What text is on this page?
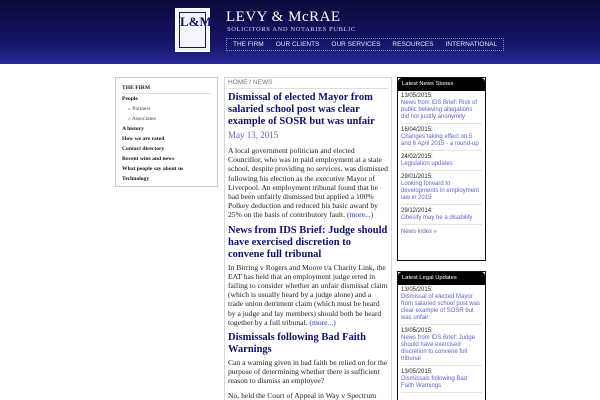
L&M LEVY & McRAE
SOLICITORS AND NOTARIES PUBLIC
THE FIRM	OUR CLIENTS	OUR SERVICES	RESOURCES	INTERNATIONAL
THE FIRM
People
» Partners
» Associates
A history
How we are rated
Contact directory
Recent wins and news
What people say about us
Technology
HOME / NEWS
Dismissal of elected Mayor from salaried school post was clear example of SOSR but was unfair
May 13, 2015
A local government politician and elected Councillor, who was in paid employment at a state school, despite providing no services, was dismissed following his election as the executive Mayor of Liverpool. An employment tribunal found that he had been unfairly dismissed but applied a 100% Polkey deduction and reduced his basic award by 25% on the basis of contributory fault. (more...)
News from IDS Brief: Judge should have exercised discretion to convene full tribunal
In Birring v Rogers and Moore t/a Charity Link, the EAT has held that an employment judge erred in failing to consider whether an unfair dismissal claim (which is usually heard by a judge alone) and a trade union detriment claim (which must be heard by a judge and lay members) should both be heard together by a full tribunal. (more...)
Dismissals following Bad Faith Warnings
Can a warning given in bad faith be relied on for the purpose of determining whether there is sufficient reason to dismiss an employee?
No, held the Court of Appeal in Way v Spectrum
Latest News Stories
13/05/2015:
News from IDS Brief: Risk of public believing allegations did not justify anonymity
16/04/2015:
Changes taking effect on 5 and 6 April 2015 - a round-up
24/02/2015:
Legislation updates
29/01/2015:
Looking forward to developments in employment law in 2015
29/12/2014:
Obesity may be a disability
News index »
Latest Legal Updates
13/05/2015:
Dismissal of elected Mayor from salaried school post was clear example of SOSR but was unfair
13/05/2015:
News from IDS Brief: Judge should have exercised discretion to convene full tribunal
13/05/2015:
Dismissals following Bad Faith Warnings
